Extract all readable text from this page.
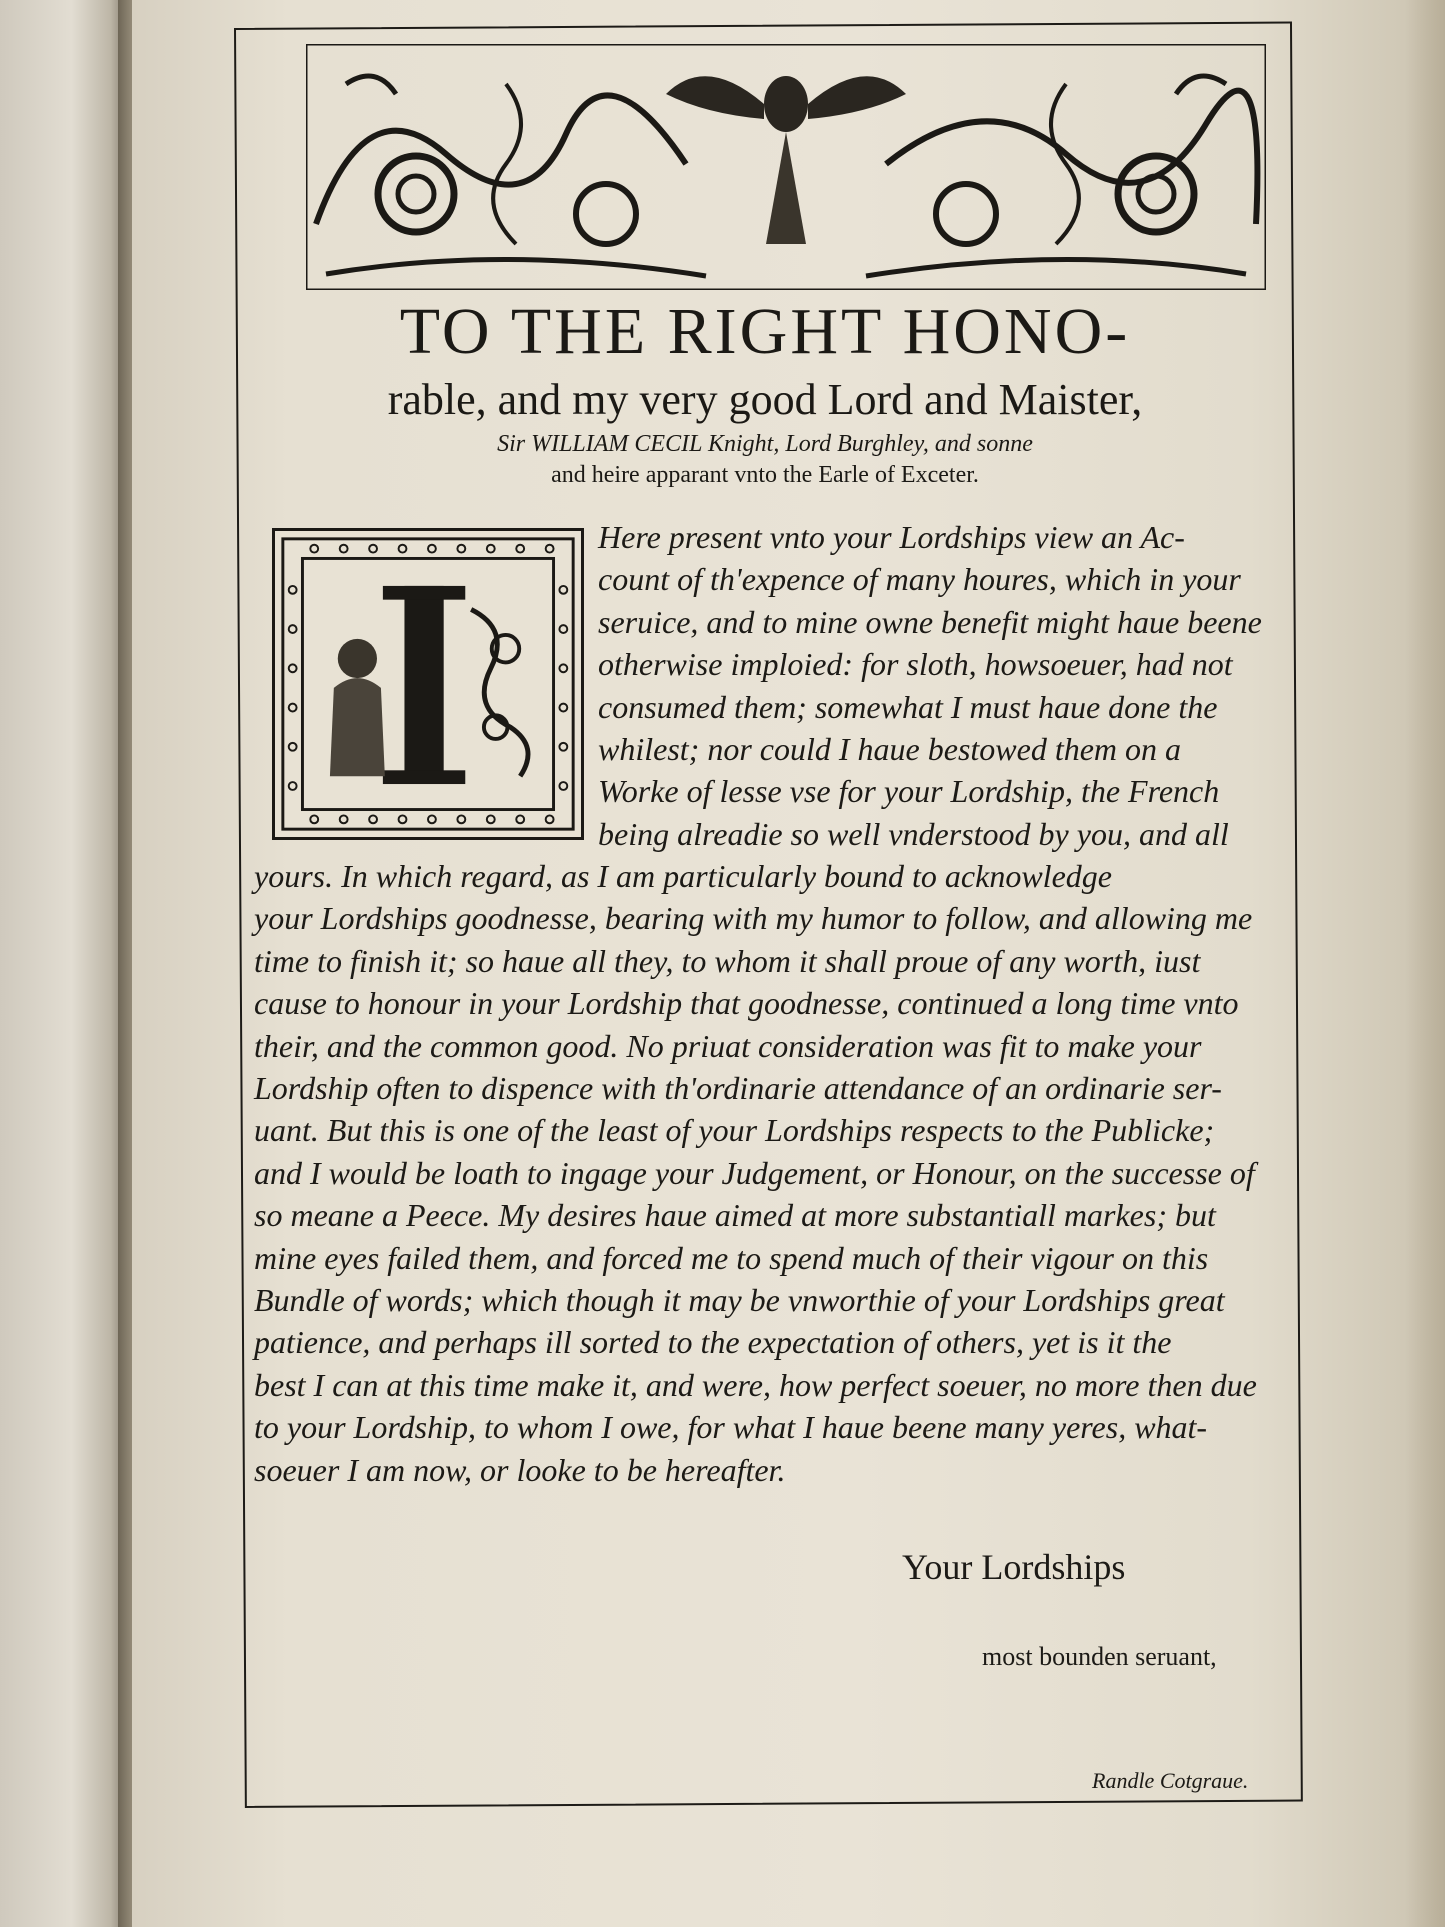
TO THE RIGHT HONO-

rable, and my very good Lord and Maister,

Sir WILLIAM CECIL Knight, Lord Burghley, and sonne

and heire apparant vnto the Earle of Exceter.

Here present vnto your Lordships view an Ac-

count of th'expence of many houres, which in your

seruice, and to mine owne benefit might haue beene

otherwise imploied: for sloth, howsoeuer, had not

consumed them; somewhat I must haue done the

whilest; nor could I haue bestowed them on a

Worke of lesse vse for your Lordship, the French

being alreadie so well vnderstood by you, and all

yours. In which regard, as I am particularly bound to acknowledge

your Lordships goodnesse, bearing with my humor to follow, and allowing me

time to finish it; so haue all they, to whom it shall proue of any worth, iust

cause to honour in your Lordship that goodnesse, continued a long time vnto

their, and the common good. No priuat consideration was fit to make your

Lordship often to dispence with th'ordinarie attendance of an ordinarie ser-

uant. But this is one of the least of your Lordships respects to the Publicke;

and I would be loath to ingage your Judgement, or Honour, on the successe of

so meane a Peece. My desires haue aimed at more substantiall markes; but

mine eyes failed them, and forced me to spend much of their vigour on this

Bundle of words; which though it may be vnworthie of your Lordships great

patience, and perhaps ill sorted to the expectation of others, yet is it the

best I can at this time make it, and were, how perfect soeuer, no more then due

to your Lordship, to whom I owe, for what I haue beene many yeres, what-

soeuer I am now, or looke to be hereafter.

Your Lordships
most bounden seruant,
Randle Cotgraue.
